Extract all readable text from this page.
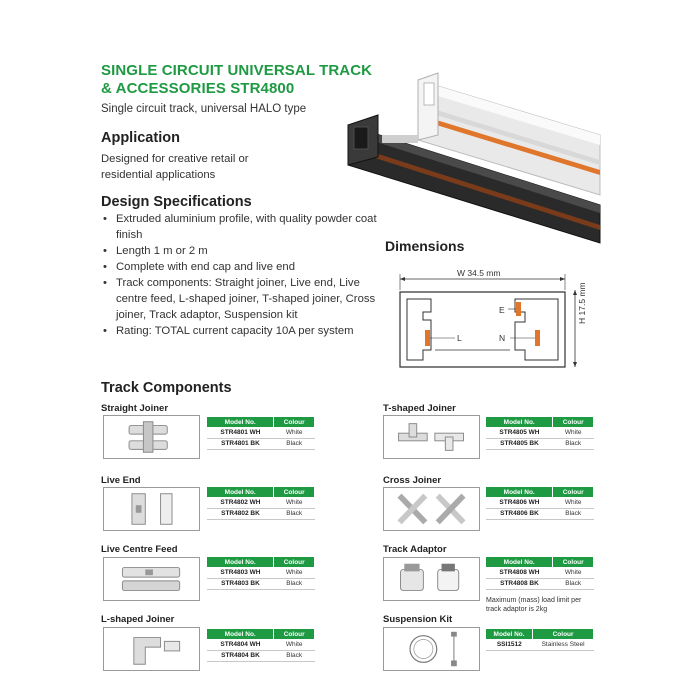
SINGLE CIRCUIT UNIVERSAL TRACK
& ACCESSORIES STR4800
Single circuit track, universal HALO type
Application
Designed for creative retail or
residential applications
Design Specifications
• Extruded aluminium profile, with quality powder coat finish
• Length 1 m or 2 m
• Complete with end cap and live end
• Track components: Straight joiner, Live end, Live centre feed, L-shaped joiner, T-shaped joiner, Cross joiner, Track adaptor, Suspension kit
• Rating: TOTAL current capacity 10A per system
Dimensions
W 34.5 mm
H 17.5 mm
E
L	N
Track Components
Straight Joiner
Model No.	Colour
STR4801 WH	White
STR4801 BK	Black
Live End
Model No.	Colour
STR4802 WH	White
STR4802 BK	Black
Live Centre Feed
Model No.	Colour
STR4803 WH	White
STR4803 BK	Black
L-shaped Joiner
Model No.	Colour
STR4804 WH	White
STR4804 BK	Black
T-shaped Joiner
Model No.	Colour
STR4805 WH	White
STR4805 BK	Black
Cross Joiner
Model No.	Colour
STR4806 WH	White
STR4806 BK	Black
Track Adaptor
Model No.	Colour
STR4808 WH	White
STR4808 BK	Black
Maximum (mass) load limit per track adaptor is 2kg
Suspension Kit
Model No.	Colour
SSI1512	Stainless Steel
